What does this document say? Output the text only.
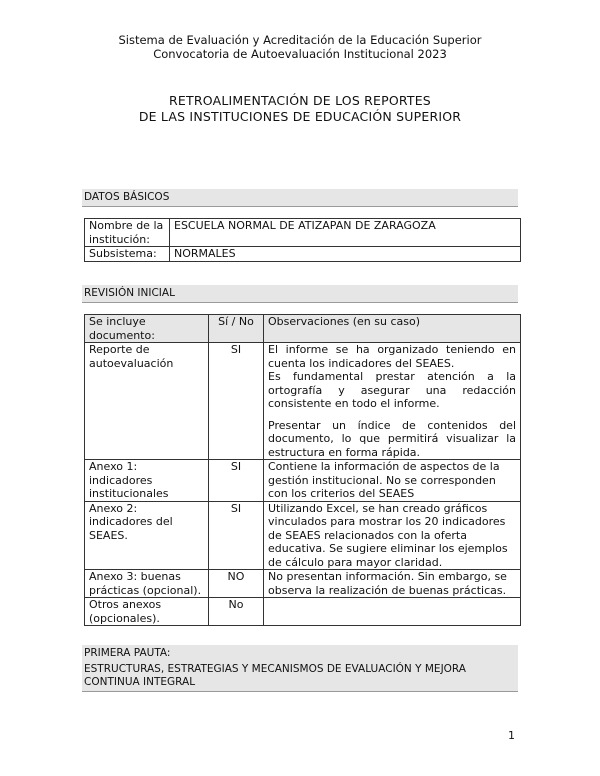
Sistema de Evaluación y Acreditación de la Educación Superior
Convocatoria de Autoevaluación Institucional 2023
RETROALIMENTACIÓN DE LOS REPORTES
DE LAS INSTITUCIONES DE EDUCACIÓN SUPERIOR
DATOS BÁSICOS
Nombre de la institución:	ESCUELA NORMAL DE ATIZAPAN DE ZARAGOZA
Subsistema:	NORMALES
REVISIÓN INICIAL
Se incluye documento:	Sí / No	Observaciones (en su caso)
Reporte de autoevaluación	SI	El informe se ha organizado teniendo en cuenta los indicadores del SEAES.
Es fundamental prestar atención a la ortografía y asegurar una redacción consistente en todo el informe.
Presentar un índice de contenidos del documento, lo que permitirá visualizar la estructura en forma rápida.

Anexo 1: indicadores institucionales	SI	Contiene la información de aspectos de la gestión institucional. No se corresponden con los criterios del SEAES
Anexo 2: indicadores del SEAES.	SI	Utilizando Excel, se han creado gráficos vinculados para mostrar los 20 indicadores de SEAES relacionados con la oferta educativa. Se sugiere eliminar los ejemplos de cálculo para mayor claridad.
Anexo 3: buenas prácticas (opcional).	NO	No presentan información. Sin embargo, se observa la realización de buenas prácticas.
Otros anexos (opcionales).	No	
PRIMERA PAUTA:
ESTRUCTURAS, ESTRATEGIAS Y MECANISMOS DE EVALUACIÓN Y MEJORA CONTINUA INTEGRAL
1
